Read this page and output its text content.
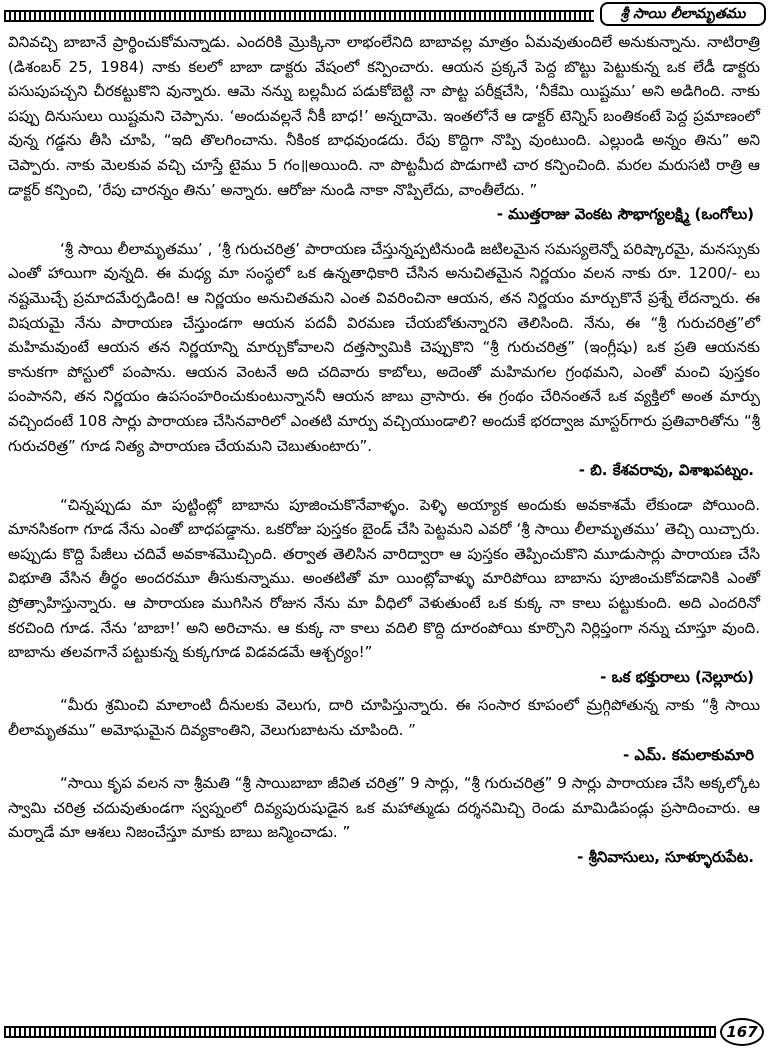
శ్రీ సాయి లీలామృతము

వినివచ్చి బాబానే ప్రార్థించుకోమన్నాడు. ఎందరికి మ్రొక్కినా లాభంలేనిది బాబావల్ల మాత్రం ఏమవుతుందిలే అనుకున్నాను. నాటిరాత్రి (డిశంబర్ 25, 1984) నాకు కలలో బాబా డాక్టరు వేషంలో కన్పించారు. ఆయన ప్రక్కనే పెద్ద బొట్టు పెట్టుకున్న ఒక లేడీ డాక్టరు పసుపుపచ్చని చీరకట్టుకొని వున్నారు. ఆమె నన్ను బల్లమీద పడుకోబెట్టి నా పొట్ట పరీక్షచేసి, ‘నీకేమి యిష్టము’ అని అడిగింది. నాకు పప్పు దినుసులు యిష్టమని చెప్పాను. ‘అందువల్లనే నీకీ బాధ!’ అన్నదామె. ఇంతలోనే ఆ డాక్టర్ టెన్నిస్ బంతికంటే పెద్ద ప్రమాణంలో వున్న గడ్డను తీసి చూపి, “ఇది తొలగించాను. నీకింక బాధవుండదు. రేపు కొద్దిగా నొప్పి వుంటుంది. ఎల్లుండి అన్నం తిను” అని చెప్పారు. నాకు మెలకువ వచ్చి చూస్తే టైము 5 గం॥అయింది. నా పొట్టమీద పొడుగాటి చార కన్పించింది. మరల మరుసటి రాత్రి ఆ డాక్టర్ కన్పించి, ‘రేపు చారన్నం తిను’ అన్నారు. ఆరోజు నుండి నాకా నొప్పిలేదు, వాంతీలేదు. ”

- ముత్తరాజు వెంకట సౌభాగ్యలక్ష్మి (ఒంగోలు)

‘శ్రీ సాయి లీలామృతము’ , ‘శ్రీ గురుచరిత్ర’ పారాయణ చేస్తున్నప్పటినుండి జటిలమైన సమస్యలెన్నో పరిష్కారమై, మనస్సుకు ఎంతో హాయిగా వున్నది. ఈ మధ్య మా సంస్థలో ఒక ఉన్నతాధికారి చేసిన అనుచితమైన నిర్ణయం వలన నాకు రూ. 1200/- లు నష్టమొచ్చే ప్రమాదమేర్పడింది! ఆ నిర్ణయం అనుచితమని ఎంత వివరించినా ఆయన, తన నిర్ణయం మార్చుకొనే ప్రశ్నే లేదన్నారు. ఈ విషయమై నేను పారాయణ చేస్తుండగా ఆయన పదవీ విరమణ చేయబోతున్నారని తెలిసింది. నేను, ఈ “శ్రీ గురుచరిత్ర”లో మహిమవుంటే ఆయన తన నిర్ణయాన్ని మార్చుకోవాలని దత్తస్వామికి చెప్పుకొని “శ్రీ గురుచరిత్ర” (ఇంగ్లీషు) ఒక ప్రతి ఆయనకు కానుకగా పోస్టులో పంపాను. ఆయన వెంటనే అది చదివారు కాబోలు, అదెంతో మహిమగల గ్రంథమని, ఎంతో మంచి పుస్తకం పంపానని, తన నిర్ణయం ఉపసంహరించుకుంటున్నాననీ ఆయన జాబు వ్రాసారు. ఈ గ్రంథం చేరినంతనే ఒక వ్యక్తిలో అంత మార్పు వచ్చిందంటే 108 సార్లు పారాయణ చేసినవారిలో ఎంతటి మార్పు వచ్చియుండాలి? అందుకే భరద్వాజ మాస్టర్‌గారు ప్రతివారితోను “శ్రీ గురుచరిత్ర” గూడ నిత్య పారాయణ చేయమని చెబుతుంటారు”.

- బి. కేశవరావు, విశాఖపట్నం.

“చిన్నప్పుడు మా పుట్టింట్లో బాబాను పూజించుకొనేవాళ్ళం. పెళ్ళి అయ్యాక అందుకు అవకాశమే లేకుండా పోయింది. మానసికంగా గూడ నేను ఎంతో బాధపడ్డాను. ఒకరోజు పుస్తకం బైండ్ చేసి పెట్టమని ఎవరో ‘శ్రీ సాయి లీలామృతము’ తెచ్చి యిచ్చారు. అప్పుడు కొద్ది పేజీలు చదివే అవకాశమొచ్చింది. తర్వాత తెలిసిన వారిద్వారా ఆ పుస్తకం తెప్పించుకొని మూడుసార్లు పారాయణ చేసి విభూతి వేసిన తీర్థం అందరమూ తీసుకున్నాము. అంతటితో మా యింట్లోవాళ్ళు మారిపోయి బాబాను పూజించుకోవడానికి ఎంతో ప్రోత్సాహిస్తున్నారు. ఆ పారాయణ ముగిసిన రోజున నేను మా వీధిలో వెళుతుంటే ఒక కుక్క నా కాలు పట్టుకుంది. అది ఎందరినో కరచింది గూడ. నేను ‘బాబా!’ అని అరిచాను. ఆ కుక్క నా కాలు వదిలి కొద్ది దూరంపోయి కూర్చొని నిర్లిప్తంగా నన్ను చూస్తూ వుంది. బాబాను తలవగానే పట్టుకున్న కుక్కగూడ విడవడమే ఆశ్చర్యం!”

- ఒక భక్తురాలు (నెల్లూరు)

“మీరు శ్రమించి మాలాంటి దీనులకు వెలుగు, దారి చూపిస్తున్నారు. ఈ సంసార కూపంలో మ్రగ్గిపోతున్న నాకు “శ్రీ సాయి లీలామృతము” అమోఘమైన దివ్యకాంతిని, వెలుగుబాటను చూపింది. ”

- ఎమ్. కమలాకుమారి

“సాయి కృప వలన నా శ్రీమతి “శ్రీ సాయిబాబా జీవిత చరిత్ర” 9 సార్లు, “శ్రీ గురుచరిత్ర” 9 సార్లు పారాయణ చేసి అక్కల్కోట స్వామి చరిత్ర చదువుతుండగా స్వప్నంలో దివ్యపురుషుడైన ఒక మహాత్ముడు దర్శనమిచ్చి రెండు మామిడిపండ్లు ప్రసాదించారు. ఆ మర్నాడే మా ఆశలు నిజంచేస్తూ మాకు బాబు జన్మించాడు. ”

- శ్రీనివాసులు, సూళ్ళూరుపేట.

167
